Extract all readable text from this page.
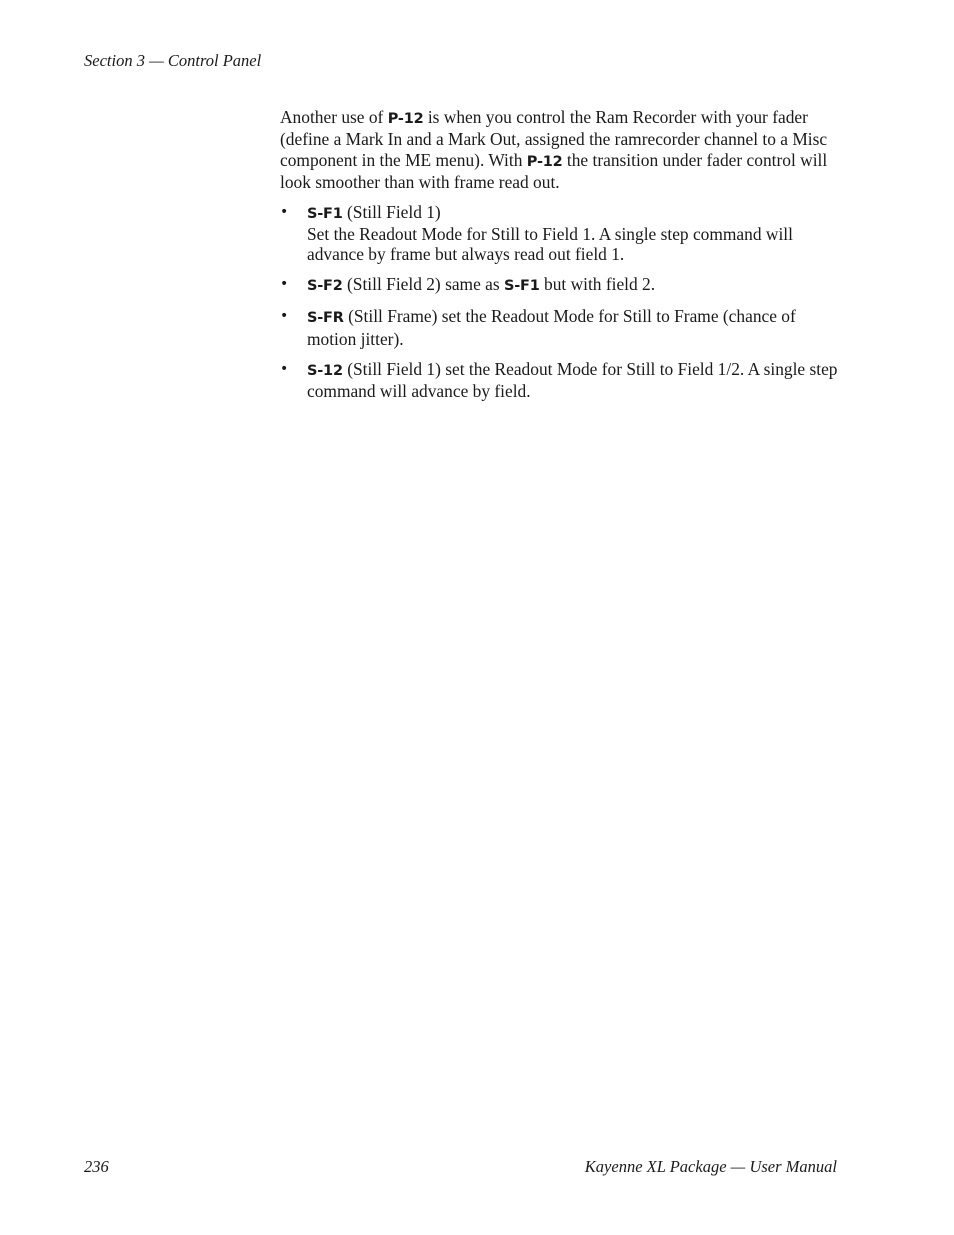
Section 3 — Control Panel

Another use of P-12 is when you control the Ram Recorder with your fader (define a Mark In and a Mark Out, assigned the ramrecorder channel to a Misc component in the ME menu). With P-12 the transition under fader control will look smoother than with frame read out.

• S-F1 (Still Field 1)
Set the Readout Mode for Still to Field 1. A single step command will advance by frame but always read out field 1.
• S-F2 (Still Field 2) same as S-F1 but with field 2.
• S-FR (Still Frame) set the Readout Mode for Still to Frame (chance of motion jitter).
• S-12 (Still Field 1) set the Readout Mode for Still to Field 1/2. A single step command will advance by field.
236	Kayenne XL Package — User Manual
